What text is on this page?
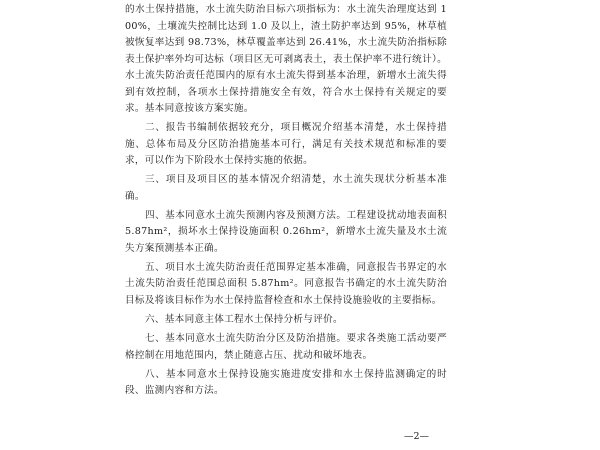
的水土保持措施，水土流失防治目标六项指标为：水土流失治理度达到 100%，土壤流失控制比达到 1.0 及以上，渣土防护率达到 95%，林草植被恢复率达到 98.73%，林草覆盖率达到 26.41%，水土流失防治指标除表土保护率外均可达标（项目区无可剥离表土，表土保护率不进行统计）。水土流失防治责任范围内的原有水土流失得到基本治理，新增水土流失得到有效控制，各项水土保持措施安全有效，符合水土保持有关规定的要求。基本同意按该方案实施。

二、报告书编制依据较充分，项目概况介绍基本清楚，水土保持措施、总体布局及分区防治措施基本可行，满足有关技术规范和标准的要求，可以作为下阶段水土保持实施的依据。

三、项目及项目区的基本情况介绍清楚，水土流失现状分析基本准确。

四、基本同意水土流失预测内容及预测方法。工程建设扰动地表面积 5.87hm²，损坏水土保持设施面积 0.26hm²，新增水土流失量及水土流失方案预测基本正确。

五、项目水土流失防治责任范围界定基本准确，同意报告书界定的水土流失防治责任范围总面积 5.87hm²。同意报告书确定的水土流失防治目标及将该目标作为水土保持监督检查和水土保持设施验收的主要指标。

六、基本同意主体工程水土保持分析与评价。

七、基本同意水土流失防治分区及防治措施。要求各类施工活动要严格控制在用地范围内，禁止随意占压、扰动和破坏地表。

八、基本同意水土保持设施实施进度安排和水土保持监测确定的时段、监测内容和方法。

—2—
